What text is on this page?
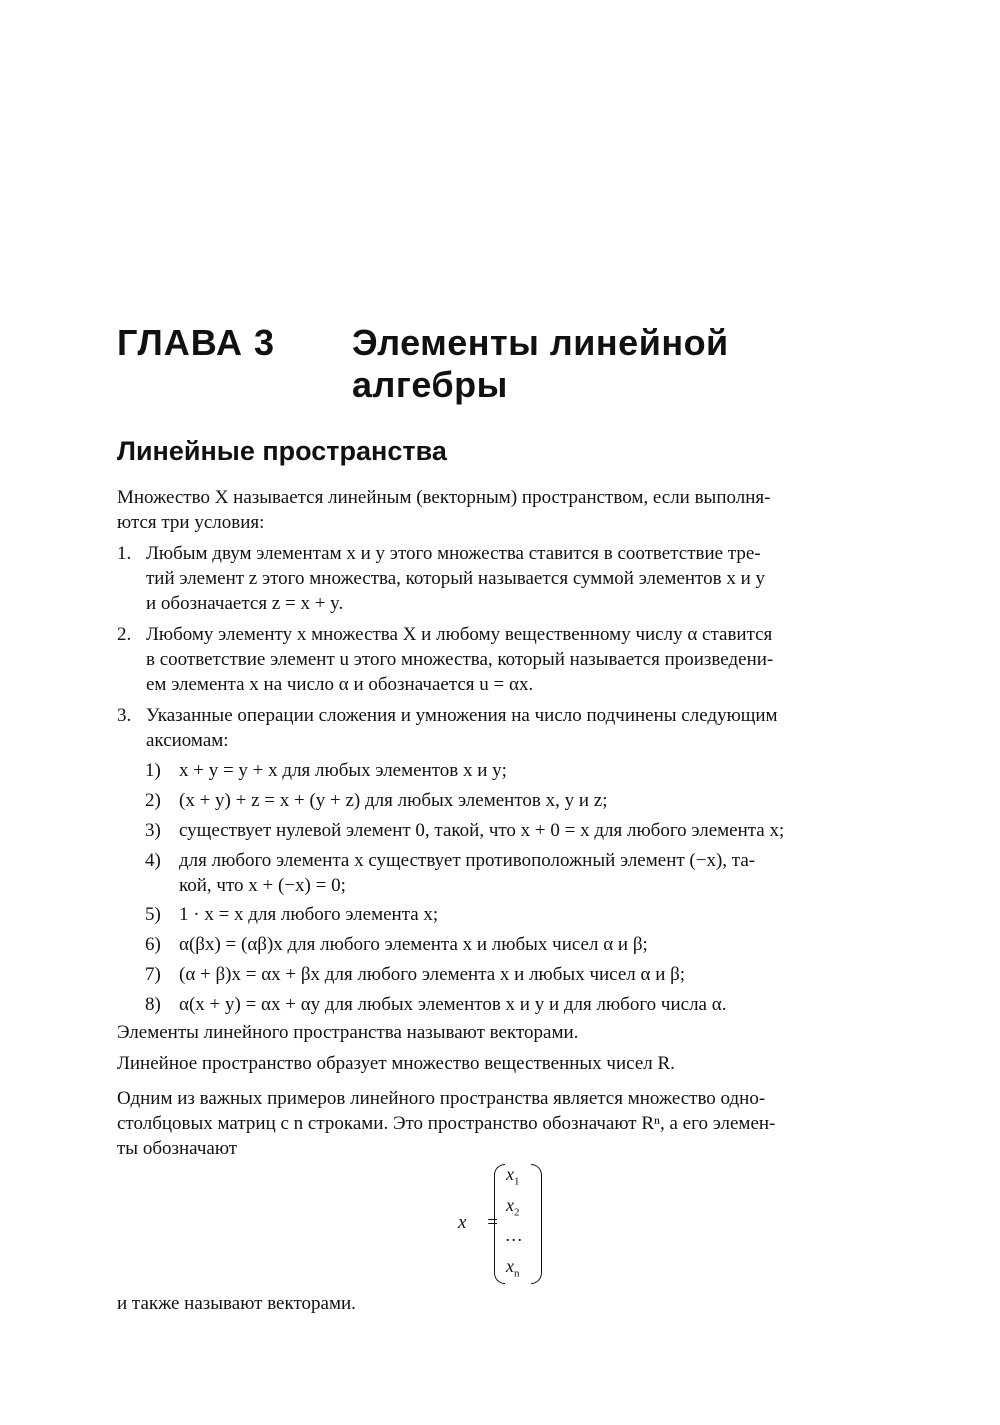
ГЛАВА 3 Элементы линейной
алгебры
Линейные пространства
Множество X называется линейным (векторным) пространством, если выполня-
ются три условия:
1. Любым двум элементам x и y этого множества ставится в соответствие тре-
тий элемент z этого множества, который называется суммой элементов x и y
и обозначается z = x + y.
2. Любому элементу x множества X и любому вещественному числу α ставится
в соответствие элемент u этого множества, который называется произведени-
ем элемента x на число α и обозначается u = αx.
3. Указанные операции сложения и умножения на число подчинены следующим
аксиомам:
1) x + y = y + x для любых элементов x и y;
2) (x + y) + z = x + (y + z) для любых элементов x, y и z;
3) существует нулевой элемент 0, такой, что x + 0 = x для любого элемента x;
4) для любого элемента x существует противоположный элемент (−x), та-
кой, что x + (−x) = 0;
5) 1 · x = x для любого элемента x;
6) α(βx) = (αβ)x для любого элемента x и любых чисел α и β;
7) (α + β)x = αx + βx для любого элемента x и любых чисел α и β;
8) α(x + y) = αx + αy для любых элементов x и y и для любого числа α.
Элементы линейного пространства называют векторами.
Линейное пространство образует множество вещественных чисел R.
Одним из важных примеров линейного пространства является множество одно-
столбцовых матриц с n строками. Это пространство обозначают Rⁿ, а его элемен-
ты обозначают
x⃗ =
$x_1$
$x_2$
…
$x_n$
и также называют векторами.
